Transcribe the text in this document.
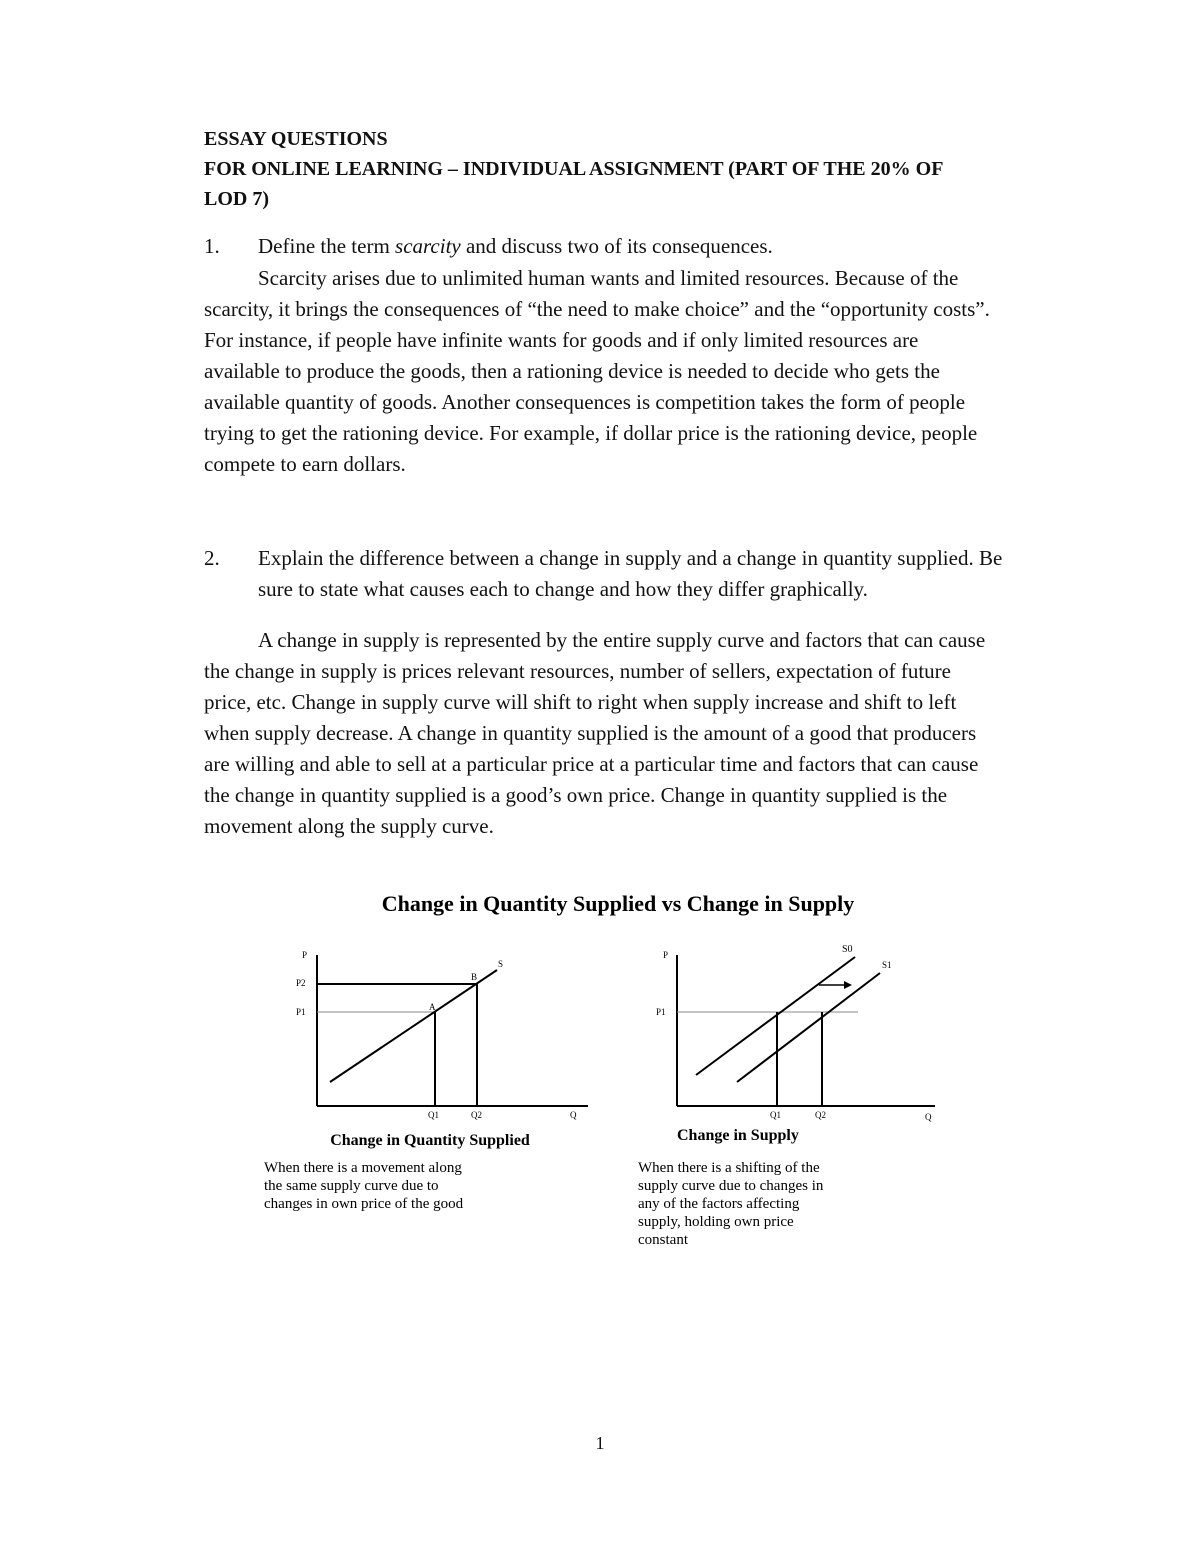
ESSAY QUESTIONS
FOR ONLINE LEARNING – INDIVIDUAL ASSIGNMENT (PART OF THE 20% OF
LOD 7)
1. Define the term scarcity and discuss two of its consequences.
Scarcity arises due to unlimited human wants and limited resources. Because of the
scarcity, it brings the consequences of “the need to make choice” and the “opportunity costs”.
For instance, if people have infinite wants for goods and if only limited resources are
available to produce the goods, then a rationing device is needed to decide who gets the
available quantity of goods. Another consequences is competition takes the form of people
trying to get the rationing device. For example, if dollar price is the rationing device, people
compete to earn dollars.
2. Explain the difference between a change in supply and a change in quantity supplied. Be
sure to state what causes each to change and how they differ graphically.
A change in supply is represented by the entire supply curve and factors that can cause
the change in supply is prices relevant resources, number of sellers, expectation of future
price, etc. Change in supply curve will shift to right when supply increase and shift to left
when supply decrease. A change in quantity supplied is the amount of a good that producers
are willing and able to sell at a particular price at a particular time and factors that can cause
the change in quantity supplied is a good’s own price. Change in quantity supplied is the
movement along the supply curve.
Change in Quantity Supplied vs Change in Supply
P
P2
P1
S
A
B
Q1	Q2	Q
Change in Quantity Supplied
When there is a movement along
the same supply curve due to
changes in own price of the good
P
P1
S0
S1
Q1	Q2	Q
Change in Supply
When there is a shifting of the
supply curve due to changes in
any of the factors affecting
supply, holding own price
constant
1
